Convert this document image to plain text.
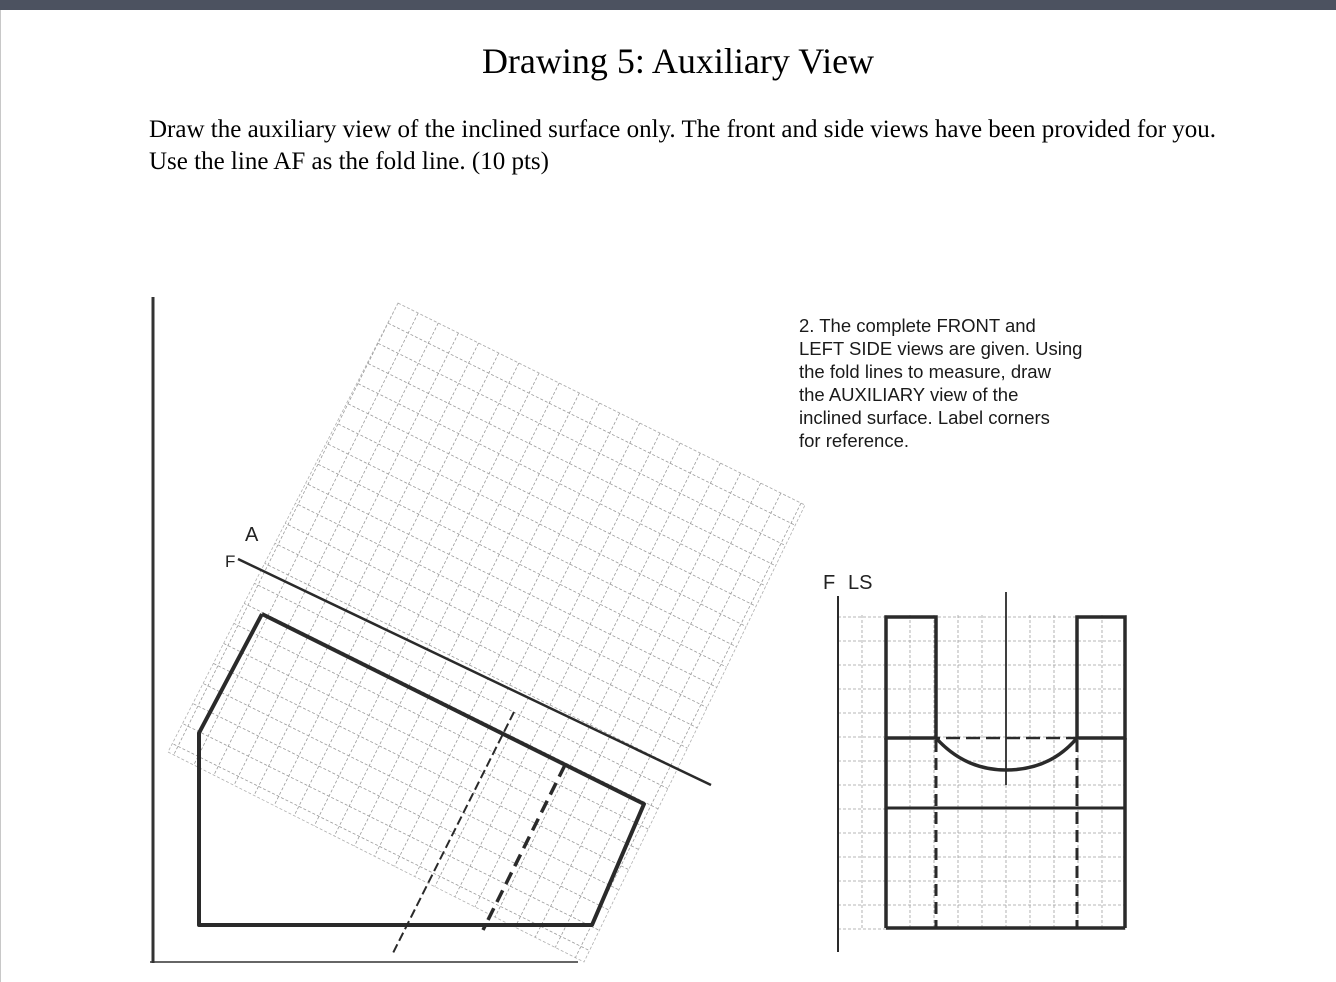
Drawing 5: Auxiliary View
Draw the auxiliary view of the inclined surface only. The front and side views have been provided for you. Use the line AF as the fold line. (10 pts)
2. The complete FRONT and
LEFT SIDE views are given. Using
the fold lines to measure, draw
the AUXILIARY view of the
inclined surface. Label corners
for reference.
A
F
F LS
